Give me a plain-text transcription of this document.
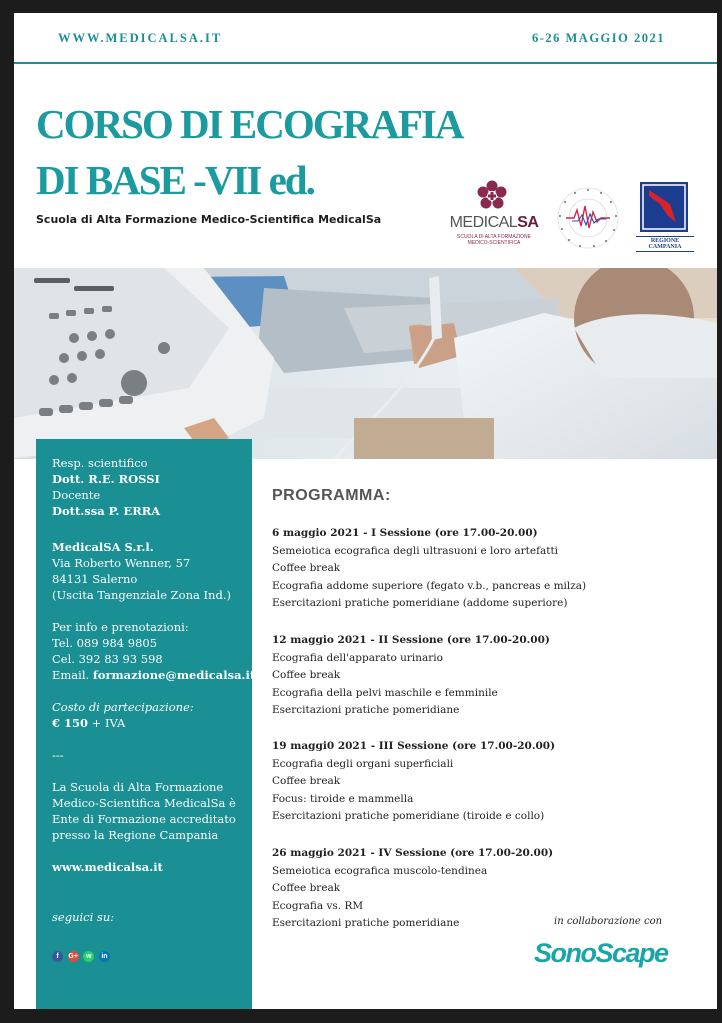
WWW.MEDICALSA.IT	6-26 MAGGIO 2021
CORSO DI ECOGRAFIA
DI BASE -VII ed.
Scuola di Alta Formazione Medico-Scientifica MedicalSa	MEDICALSA
SCUOLA DI ALTA FORMAZIONE
MEDICO-SCIENTIFICA	REGIONE CAMPANIA
Resp. scientifico
Dott. R.E. ROSSI
Docente
Dott.ssa P. ERRA
MedicalSA S.r.l.
Via Roberto Wenner, 57
84131 Salerno
(Uscita Tangenziale Zona Ind.)
Per info e prenotazioni:
Tel. 089 984 9805
Cel. 392 83 93 598
Email. formazione@medicalsa.it
Costo di partecipazione:
€ 150 + IVA
---
La Scuola di Alta Formazione
Medico-Scientifica MedicalSa è
Ente di Formazione accreditato
presso la Regione Campania
www.medicalsa.it
seguici su:
f G+ w in
PROGRAMMA:
6 maggio 2021 - I Sessione (ore 17.00-20.00)
Semeiotica ecografica degli ultrasuoni e loro artefatti
Coffee break
Ecografia addome superiore (fegato v.b., pancreas e milza)
Esercitazioni pratiche pomeridiane (addome superiore)
12 maggio 2021 - II Sessione (ore 17.00-20.00)
Ecografia dell'apparato urinario
Coffee break
Ecografia della pelvi maschile e femminile
Esercitazioni pratiche pomeridiane
19 maggi0 2021 - III Sessione (ore 17.00-20.00)
Ecografia degli organi superficiali
Coffee break
Focus: tiroide e mammella
Esercitazioni pratiche pomeridiane (tiroide e collo)
26 maggio 2021 - IV Sessione (ore 17.00-20.00)
Semeiotica ecografica muscolo-tendinea
Coffee break
Ecografia vs. RM
Esercitazioni pratiche pomeridiane	in collaborazione con
SonoScape
